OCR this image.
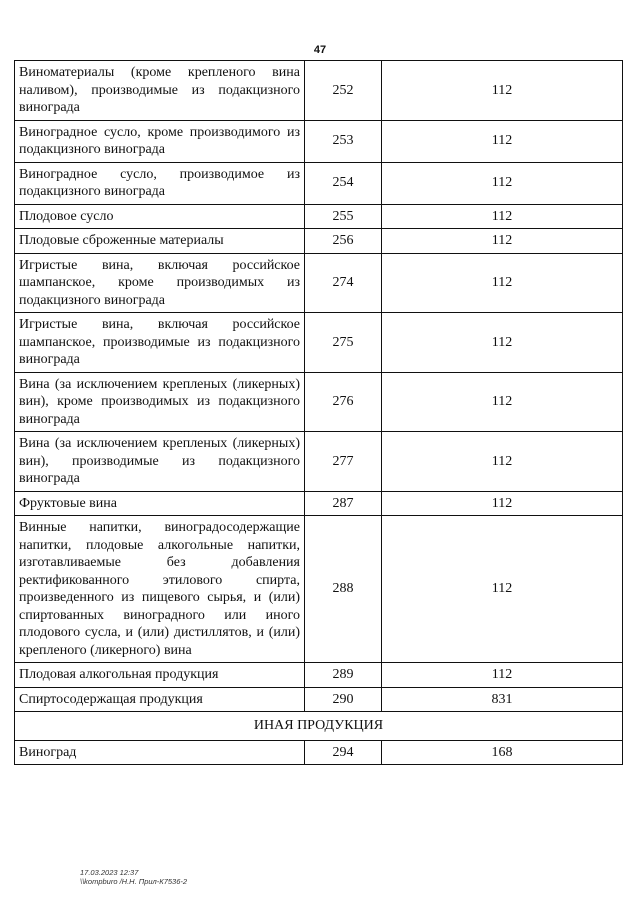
47
Виноматериалы (кроме крепленого вина наливом), производимые из подакцизного винограда	252	112
Виноградное сусло, кроме производимого из подакцизного винограда	253	112
Виноградное сусло, производимое из подакцизного винограда	254	112
Плодовое сусло	255	112
Плодовые сброженные материалы	256	112
Игристые вина, включая российское шампанское, кроме производимых из подакцизного винограда	274	112
Игристые вина, включая российское шампанское, производимые из подакцизного винограда	275	112
Вина (за исключением крепленых (ликерных) вин), кроме производимых из подакцизного винограда	276	112
Вина (за исключением крепленых (ликерных) вин), производимые из подакцизного винограда	277	112
Фруктовые вина	287	112
Винные напитки, виноградосодержащие напитки, плодовые алкогольные напитки, изготавливаемые без добавления ректификованного этилового спирта, произведенного из пищевого сырья, и (или) спиртованных виноградного или иного плодового сусла, и (или) дистиллятов, и (или) крепленого (ликерного) вина	288	112
Плодовая алкогольная продукция	289	112
Спиртосодержащая продукция	290	831
ИНАЯ ПРОДУКЦИЯ		
Виноград	294	168
17.03.2023 12:37
\\kompburo /Н.Н. Прил-К7536-2
